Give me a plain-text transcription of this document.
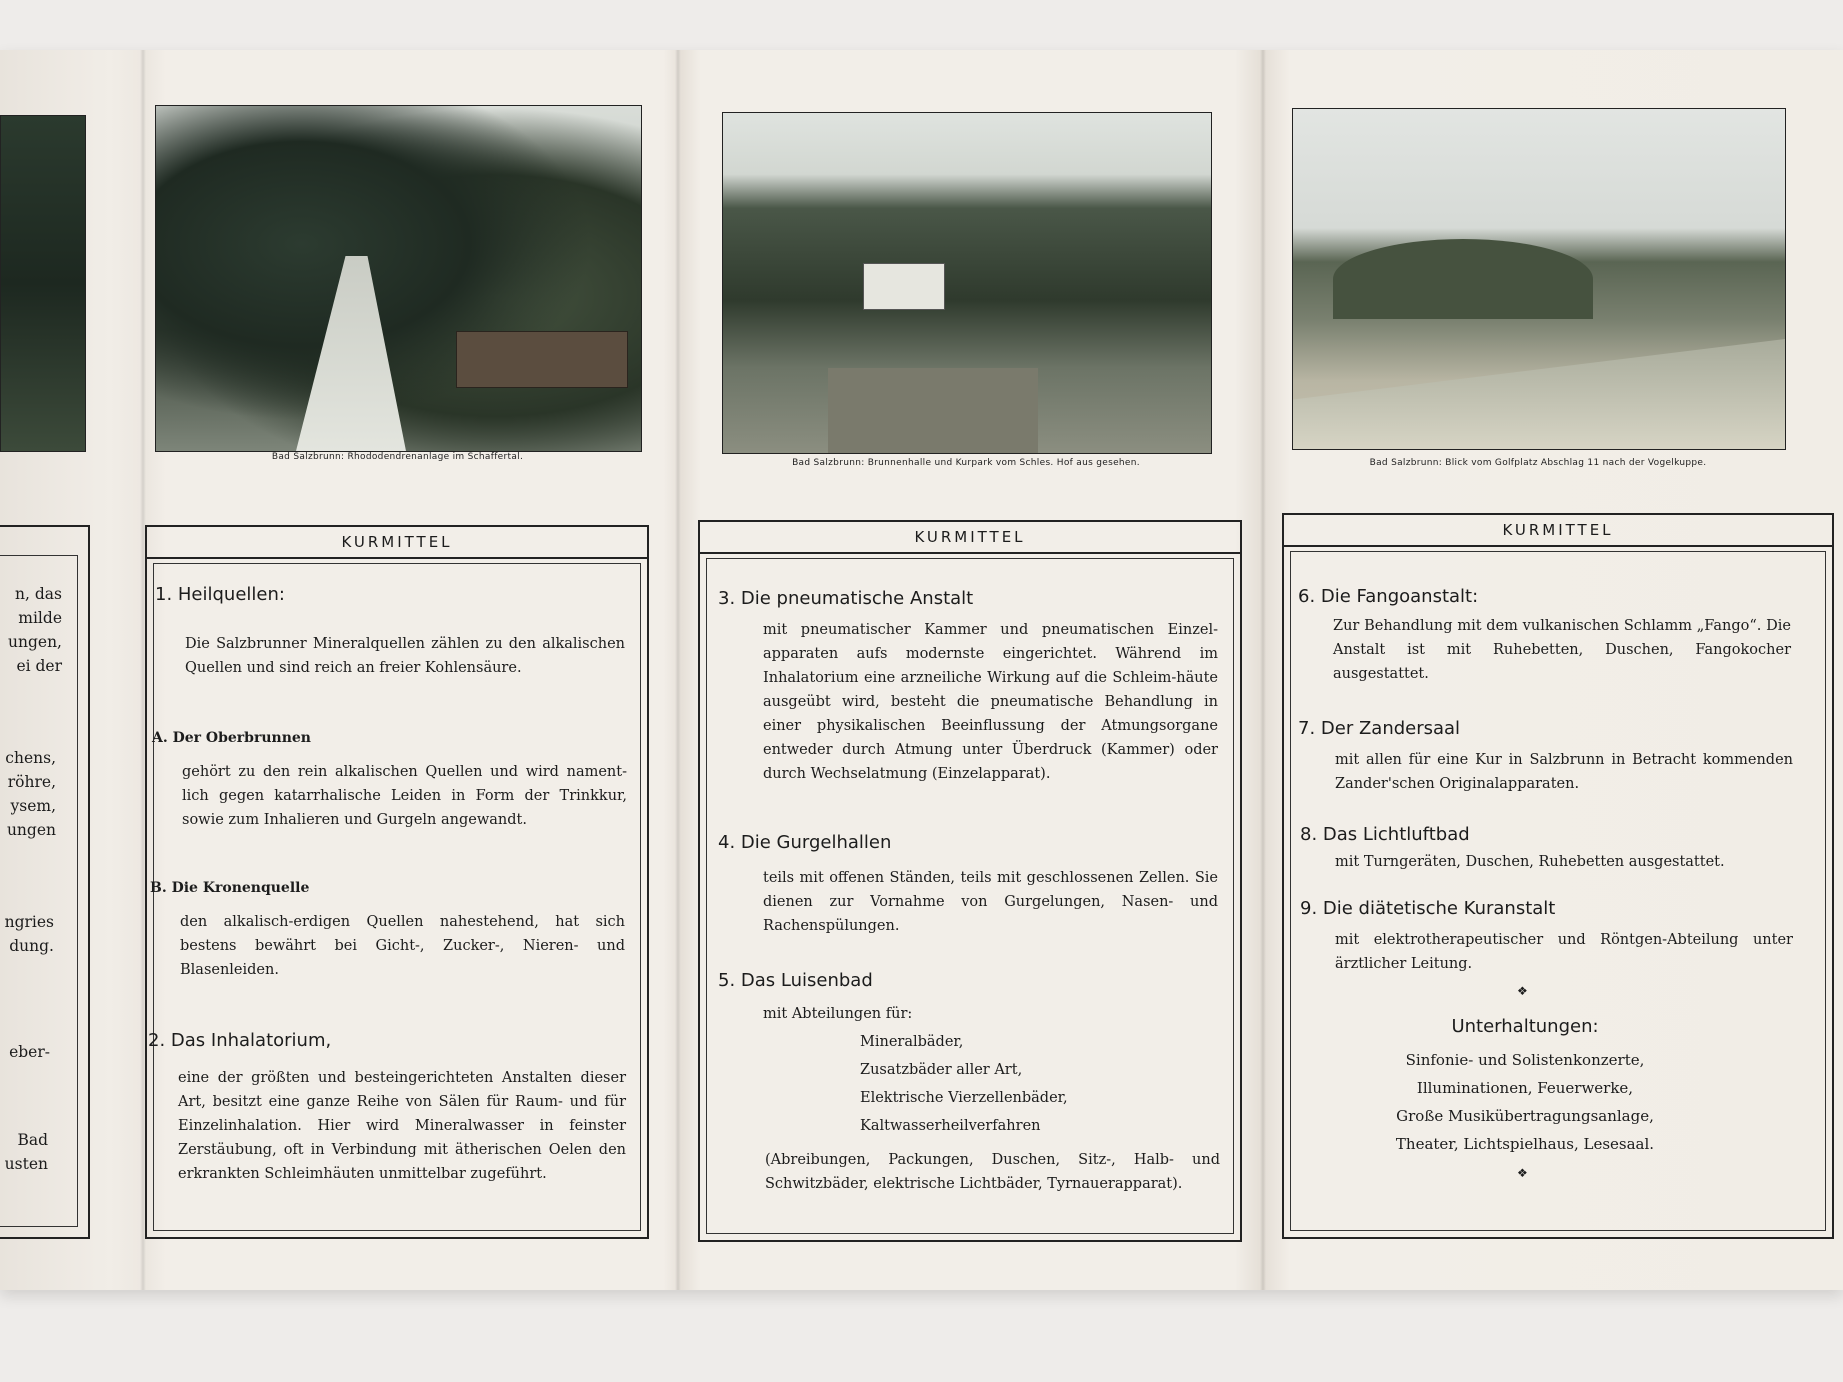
Bad Salzbrunn: Rhododendrenanlage im Schaffertal.
Bad Salzbrunn: Brunnenhalle und Kurpark vom Schles. Hof aus gesehen.	Bad Salzbrunn: Blick vom Golfplatz Abschlag 11 nach der Vogelkuppe.
n, das
milde
ungen,
ei der
chens,
röhre,
ysem,
ungen
ngries
dung.
eber-
Bad
usten
KURMITTEL
1. Heilquellen:
Die Salzbrunner Mineralquellen zählen zu den alkalischen Quellen und sind reich an freier Kohlensäure.
A. Der Oberbrunnen
gehört zu den rein alkalischen Quellen und wird nament-lich gegen katarrhalische Leiden in Form der Trinkkur, sowie zum Inhalieren und Gurgeln angewandt.
B. Die Kronenquelle
den alkalisch-erdigen Quellen nahestehend, hat sich bestens bewährt bei Gicht-, Zucker-, Nieren- und Blasenleiden.
2. Das Inhalatorium,
eine der größten und besteingerichteten Anstalten dieser Art, besitzt eine ganze Reihe von Sälen für Raum- und für Einzelinhalation. Hier wird Mineralwasser in feinster Zerstäubung, oft in Verbindung mit ätherischen Oelen den erkrankten Schleimhäuten unmittelbar zugeführt.
KURMITTEL
3. Die pneumatische Anstalt
mit pneumatischer Kammer und pneumatischen Einzel-apparaten aufs modernste eingerichtet. Während im Inhalatorium eine arzneiliche Wirkung auf die Schleim-häute ausgeübt wird, besteht die pneumatische Behandlung in einer physikalischen Beeinflussung der Atmungsorgane entweder durch Atmung unter Überdruck (Kammer) oder durch Wechselatmung (Einzelapparat).
4. Die Gurgelhallen
teils mit offenen Ständen, teils mit geschlossenen Zellen. Sie dienen zur Vornahme von Gurgelungen, Nasen- und Rachenspülungen.
5. Das Luisenbad
mit Abteilungen für:
Mineralbäder,
Zusatzbäder aller Art,
Elektrische Vierzellenbäder,
Kaltwasserheilverfahren
(Abreibungen, Packungen, Duschen, Sitz-, Halb- und Schwitzbäder, elektrische Lichtbäder, Tyrnauerapparat).
KURMITTEL
6. Die Fangoanstalt:
Zur Behandlung mit dem vulkanischen Schlamm „Fango“. Die Anstalt ist mit Ruhebetten, Duschen, Fangokocher ausgestattet.
7. Der Zandersaal
mit allen für eine Kur in Salzbrunn in Betracht kommenden Zander'schen Originalapparaten.
8. Das Lichtluftbad
mit Turngeräten, Duschen, Ruhebetten ausgestattet.
9. Die diätetische Kuranstalt
mit elektrotherapeutischer und Röntgen-Abteilung unter ärztlicher Leitung.
❖
Unterhaltungen:
Sinfonie- und Solistenkonzerte,
Illuminationen, Feuerwerke,
Große Musikübertragungsanlage,
Theater, Lichtspielhaus, Lesesaal.
❖
